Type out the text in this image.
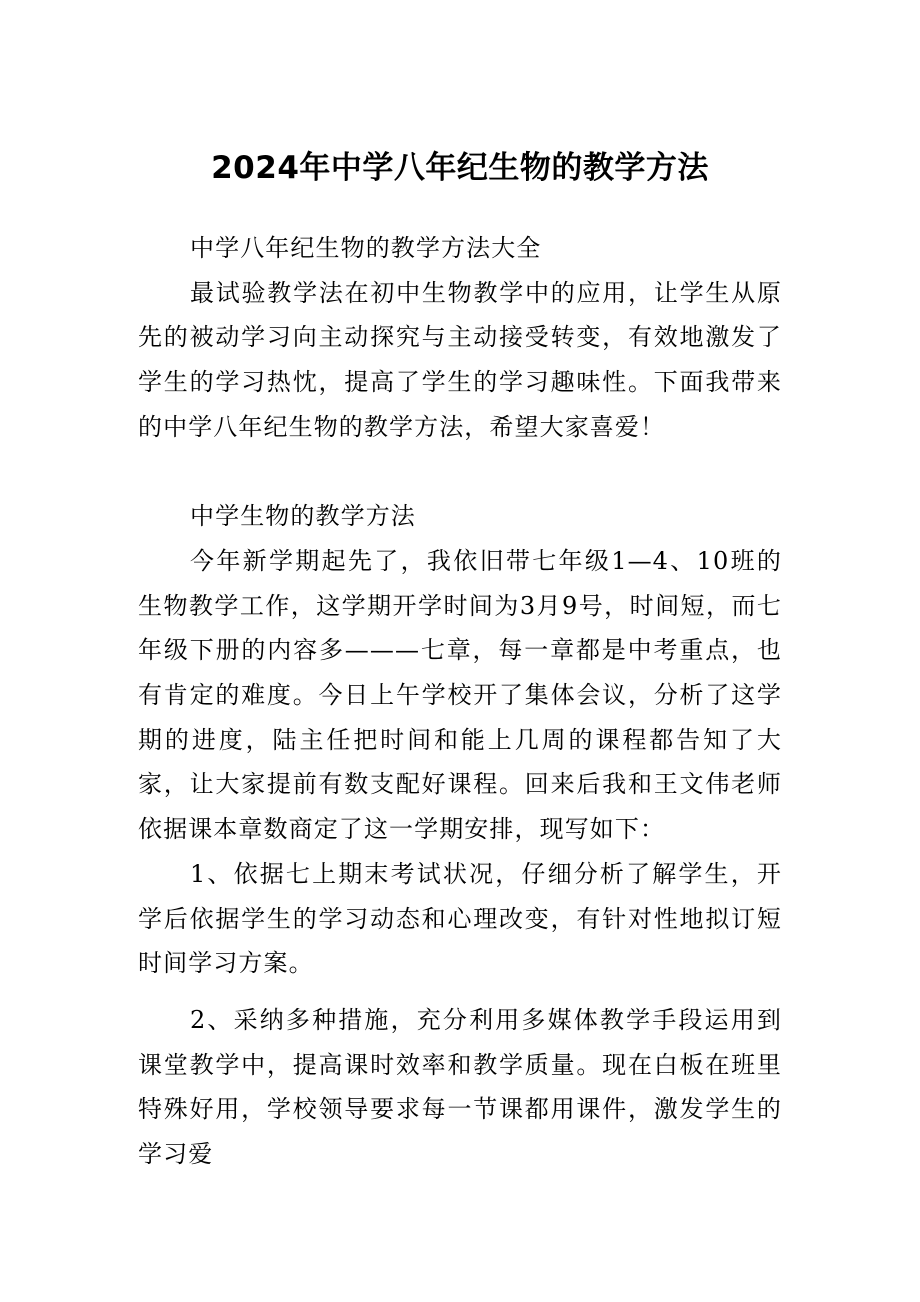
2024年中学八年纪生物的教学方法

中学八年纪生物的教学方法大全

最试验教学法在初中生物教学中的应用，让学生从原先的被动学习向主动探究与主动接受转变，有效地激发了学生的学习热忱，提高了学生的学习趣味性。下面我带来的中学八年纪生物的教学方法，希望大家喜爱！

中学生物的教学方法

今年新学期起先了，我依旧带七年级1—4、10班的生物教学工作，这学期开学时间为3月9号，时间短，而七年级下册的内容多———七章，每一章都是中考重点，也有肯定的难度。今日上午学校开了集体会议，分析了这学期的进度，陆主任把时间和能上几周的课程都告知了大家，让大家提前有数支配好课程。回来后我和王文伟老师依据课本章数商定了这一学期安排，现写如下：

1、依据七上期末考试状况，仔细分析了解学生，开学后依据学生的学习动态和心理改变，有针对性地拟订短时间学习方案。

2、采纳多种措施，充分利用多媒体教学手段运用到课堂教学中，提高课时效率和教学质量。现在白板在班里特殊好用，学校领导要求每一节课都用课件，激发学生的学习爱
